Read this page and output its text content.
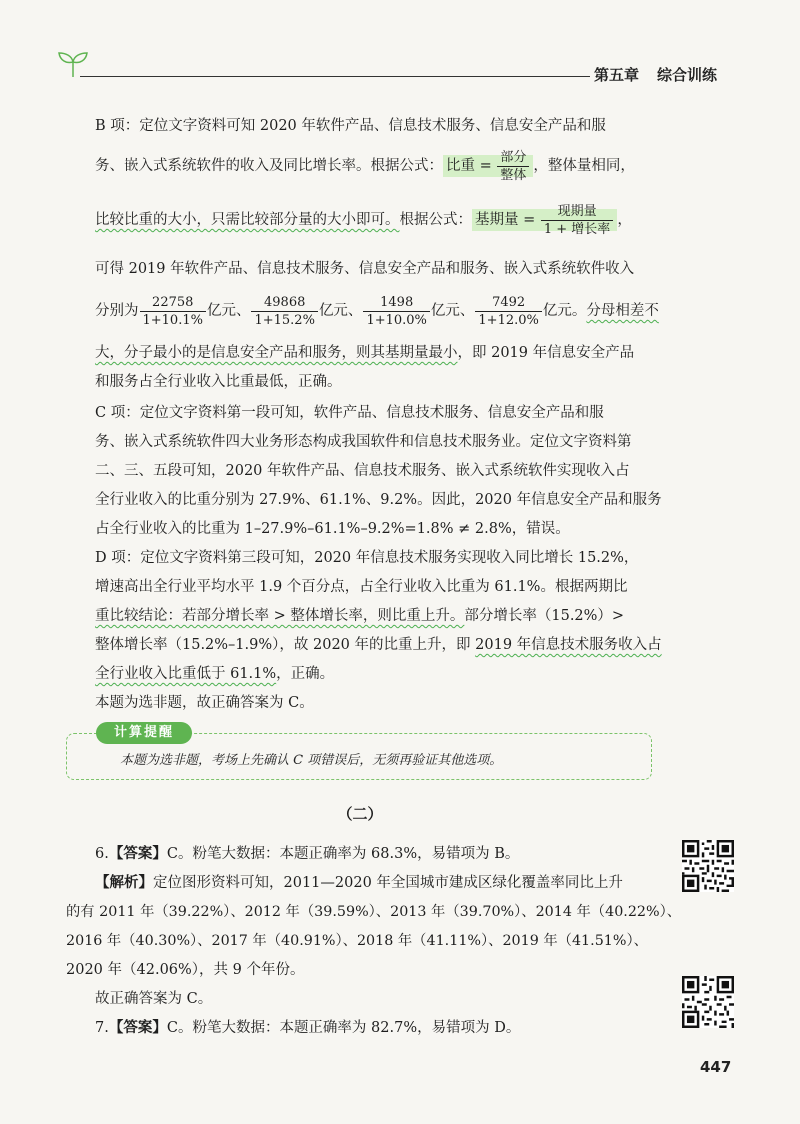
第五章 综合训练
B 项：定位文字资料可知 2020 年软件产品、信息技术服务、信息安全产品和服
务、嵌入式系统软件的收入及同比增长率。根据公式： 比重 = $\frac{\text{部分}}{\text{整体}}$ ，整体量相同，
比较比重的大小，只需比较部分量的大小即可。根据公式： 基期量 = $\frac{\text{现期量}}{\text{1 + 增长率}}$ ，
可得 2019 年软件产品、信息技术服务、信息安全产品和服务、嵌入式系统软件收入
分别为 $\frac{22758}{1+10.1\%}$ 亿元、 $\frac{49868}{1+15.2\%}$ 亿元、 $\frac{1498}{1+10.0\%}$ 亿元、 $\frac{7492}{1+12.0\%}$ 亿元。分母相差不
大，分子最小的是信息安全产品和服务，则其基期量最小，即 2019 年信息安全产品
和服务占全行业收入比重最低，正确。
C 项：定位文字资料第一段可知，软件产品、信息技术服务、信息安全产品和服
务、嵌入式系统软件四大业务形态构成我国软件和信息技术服务业。定位文字资料第
二、三、五段可知，2020 年软件产品、信息技术服务、嵌入式系统软件实现收入占
全行业收入的比重分别为 27.9%、61.1%、9.2%。因此，2020 年信息安全产品和服务
占全行业收入的比重为 1–27.9%–61.1%–9.2%=1.8% ≠ 2.8%，错误。
D 项：定位文字资料第三段可知，2020 年信息技术服务实现收入同比增长 15.2%，
增速高出全行业平均水平 1.9 个百分点，占全行业收入比重为 61.1%。根据两期比
重比较结论：若部分增长率 > 整体增长率，则比重上升。部分增长率（15.2%）>
整体增长率（15.2%–1.9%），故 2020 年的比重上升，即 2019 年信息技术服务收入占
全行业收入比重低于 61.1%，正确。
本题为选非题，故正确答案为 C。
计算提醒
本题为选非题，考场上先确认 C 项错误后，无须再验证其他选项。
（二）
6.【答案】C。粉笔大数据：本题正确率为 68.3%，易错项为 B。
【解析】定位图形资料可知，2011—2020 年全国城市建成区绿化覆盖率同比上升
的有 2011 年（39.22%）、2012 年（39.59%）、2013 年（39.70%）、2014 年（40.22%）、
2016 年（40.30%）、2017 年（40.91%）、2018 年（41.11%）、2019 年（41.51%）、
2020 年（42.06%），共 9 个年份。
故正确答案为 C。
7.【答案】C。粉笔大数据：本题正确率为 82.7%，易错项为 D。
447
